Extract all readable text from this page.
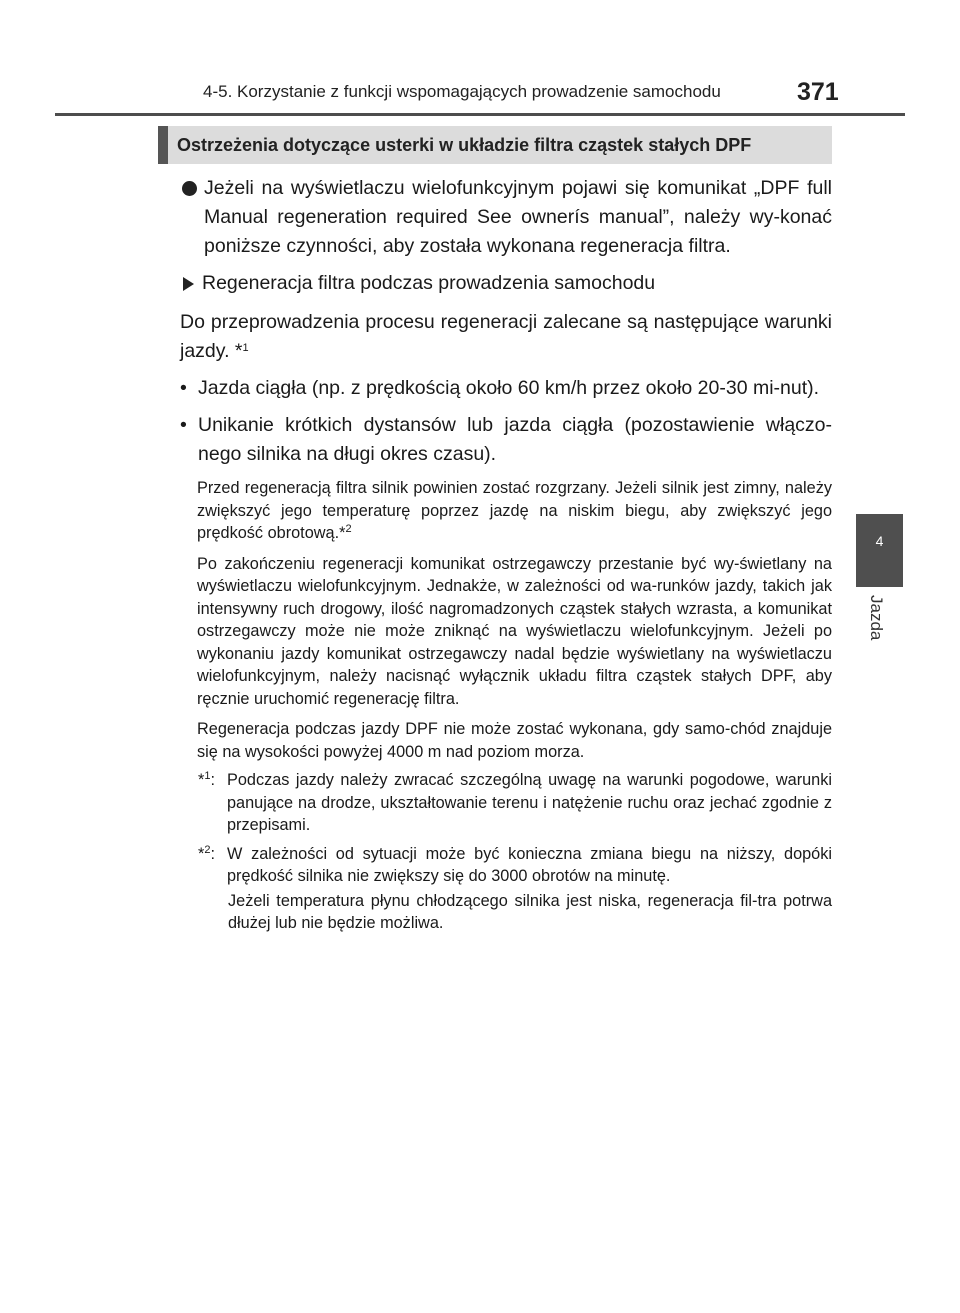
4-5. Korzystanie z funkcji wspomagających prowadzenie samochodu	371
4
Jazda
Ostrzeżenia dotyczące usterki w układzie filtra cząstek stałych DPF
Jeżeli na wyświetlaczu wielofunkcyjnym pojawi się komunikat „DPF full Manual regeneration required See ownerís manual”, należy wy-konać poniższe czynności, aby została wykonana regeneracja filtra.
Regeneracja filtra podczas prowadzenia samochodu
Do przeprowadzenia procesu regeneracji zalecane są następujące warunki jazdy. *$^1$
• Jazda ciągła (np. z prędkością około 60 km/h przez około 20-30 mi-nut).
• Unikanie krótkich dystansów lub jazda ciągła (pozostawienie włączo-nego silnika na długi okres czasu).
Przed regeneracją filtra silnik powinien zostać rozgrzany. Jeżeli silnik jest zimny, należy zwiększyć jego temperaturę poprzez jazdę na niskim biegu, aby zwiększyć jego prędkość obrotową.*$^2$
Po zakończeniu regeneracji komunikat ostrzegawczy przestanie być wy-świetlany na wyświetlaczu wielofunkcyjnym. Jednakże, w zależności od wa-runków jazdy, takich jak intensywny ruch drogowy, ilość nagromadzonych cząstek stałych wzrasta, a komunikat ostrzegawczy może nie może zniknąć na wyświetlaczu wielofunkcyjnym. Jeżeli po wykonaniu jazdy komunikat ostrzegawczy nadal będzie wyświetlany na wyświetlaczu wielofunkcyjnym, należy nacisnąć wyłącznik układu filtra cząstek stałych DPF, aby ręcznie uruchomić regenerację filtra.
Regeneracja podczas jazdy DPF nie może zostać wykonana, gdy samo-chód znajduje się na wysokości powyżej 4000 m nad poziom morza.
*$^1$: Podczas jazdy należy zwracać szczególną uwagę na warunki pogodowe, warunki panujące na drodze, ukształtowanie terenu i natężenie ruchu oraz jechać zgodnie z przepisami.
*$^2$: W zależności od sytuacji może być konieczna zmiana biegu na niższy, dopóki prędkość silnika nie zwiększy się do 3000 obrotów na minutę.
Jeżeli temperatura płynu chłodzącego silnika jest niska, regeneracja fil-tra potrwa dłużej lub nie będzie możliwa.
